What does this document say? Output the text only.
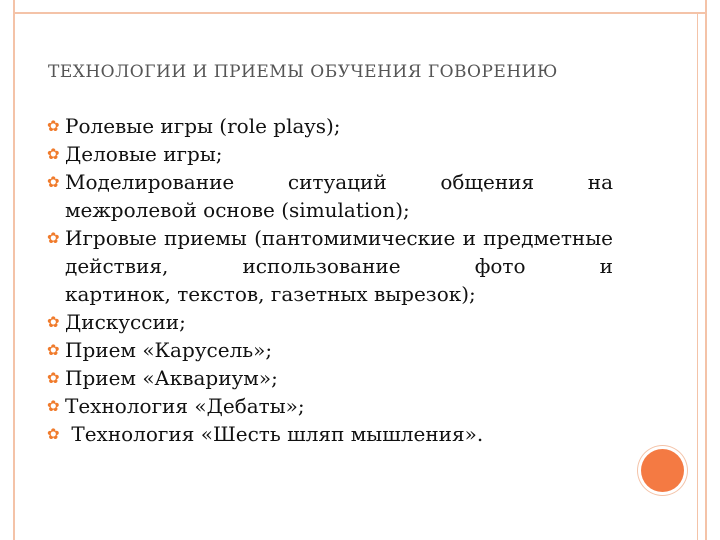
ТЕХНОЛОГИИ И ПРИЕМЫ ОБУЧЕНИЯ ГОВОРЕНИЮ
✿ Ролевые игры (role plays);
✿ Деловые игры;
✿ Моделирование ситуаций общения на
межролевой основе (simulation);
✿ Игровые приемы (пантомимические и предметные действия, использование фото и
картинок, текстов, газетных вырезок);
✿ Дискуссии;
✿ Прием «Карусель»;
✿ Прием «Аквариум»;
✿ Технология «Дебаты»;
✿ Технология «Шесть шляп мышления».
